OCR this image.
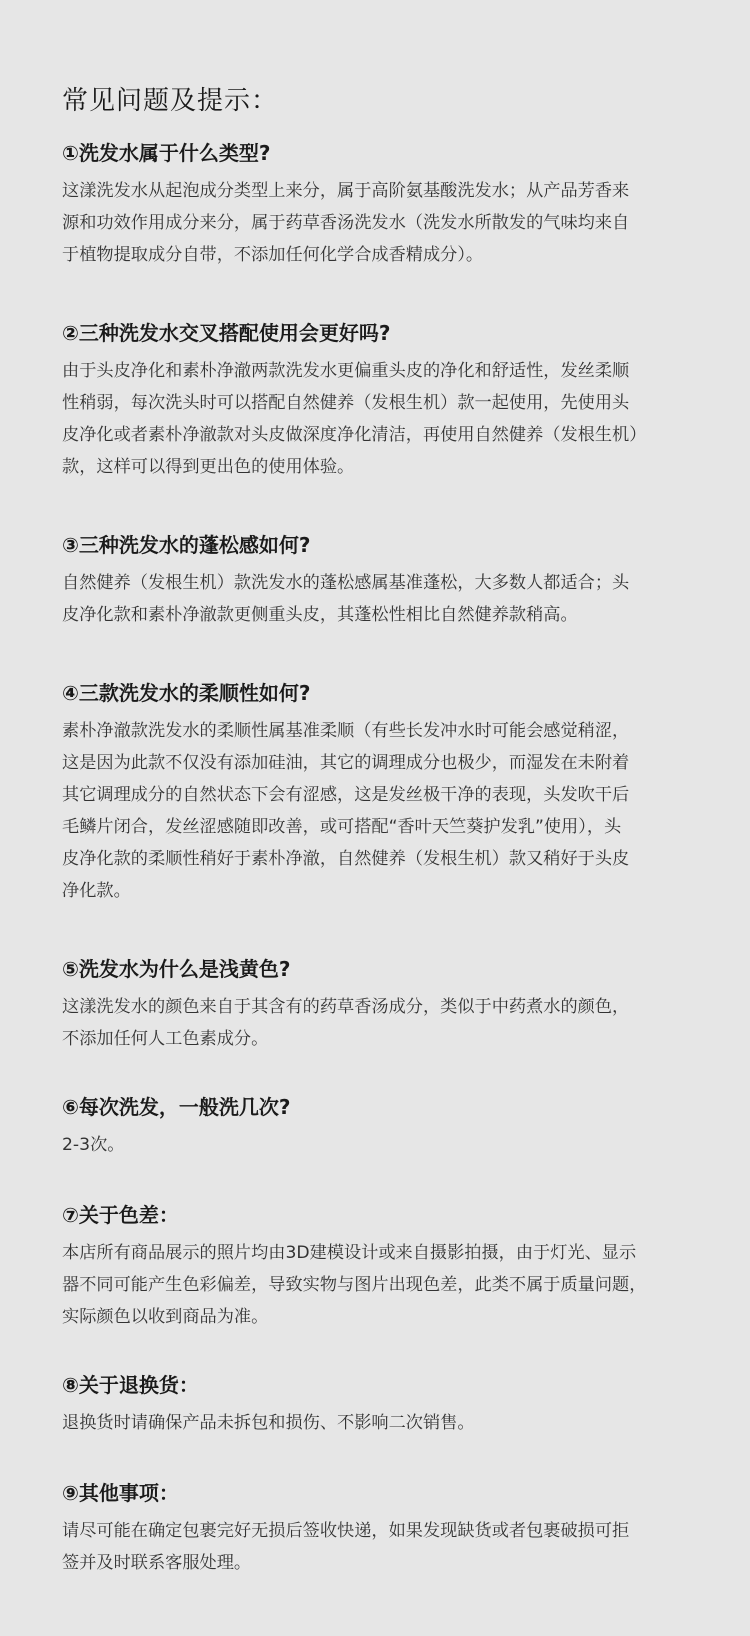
常见问题及提示：
①洗发水属于什么类型?

这漾洗发水从起泡成分类型上来分，属于高阶氨基酸洗发水；从产品芳香来
源和功效作用成分来分，属于药草香汤洗发水（洗发水所散发的气味均来自
于植物提取成分自带，不添加任何化学合成香精成分）。

②三种洗发水交叉搭配使用会更好吗?

由于头皮净化和素朴净澈两款洗发水更偏重头皮的净化和舒适性，发丝柔顺
性稍弱，每次洗头时可以搭配自然健养（发根生机）款一起使用，先使用头
皮净化或者素朴净澈款对头皮做深度净化清洁，再使用自然健养（发根生机）
款，这样可以得到更出色的使用体验。

③三种洗发水的蓬松感如何?

自然健养（发根生机）款洗发水的蓬松感属基准蓬松，大多数人都适合；头
皮净化款和素朴净澈款更侧重头皮，其蓬松性相比自然健养款稍高。

④三款洗发水的柔顺性如何?

素朴净澈款洗发水的柔顺性属基准柔顺（有些长发冲水时可能会感觉稍涩，
这是因为此款不仅没有添加硅油，其它的调理成分也极少，而湿发在未附着
其它调理成分的自然状态下会有涩感，这是发丝极干净的表现，头发吹干后
毛鳞片闭合，发丝涩感随即改善，或可搭配“香叶天竺葵护发乳”使用），头
皮净化款的柔顺性稍好于素朴净澈，自然健养（发根生机）款又稍好于头皮
净化款。

⑤洗发水为什么是浅黄色?

这漾洗发水的颜色来自于其含有的药草香汤成分，类似于中药煮水的颜色，
不添加任何人工色素成分。

⑥每次洗发，一般洗几次?

2-3次。

⑦关于色差：

本店所有商品展示的照片均由3D建模设计或来自摄影拍摄，由于灯光、显示
器不同可能产生色彩偏差，导致实物与图片出现色差，此类不属于质量问题，
实际颜色以收到商品为准。

⑧关于退换货：

退换货时请确保产品未拆包和损伤、不影响二次销售。

⑨其他事项：

请尽可能在确定包裹完好无损后签收快递，如果发现缺货或者包裹破损可拒
签并及时联系客服处理。
